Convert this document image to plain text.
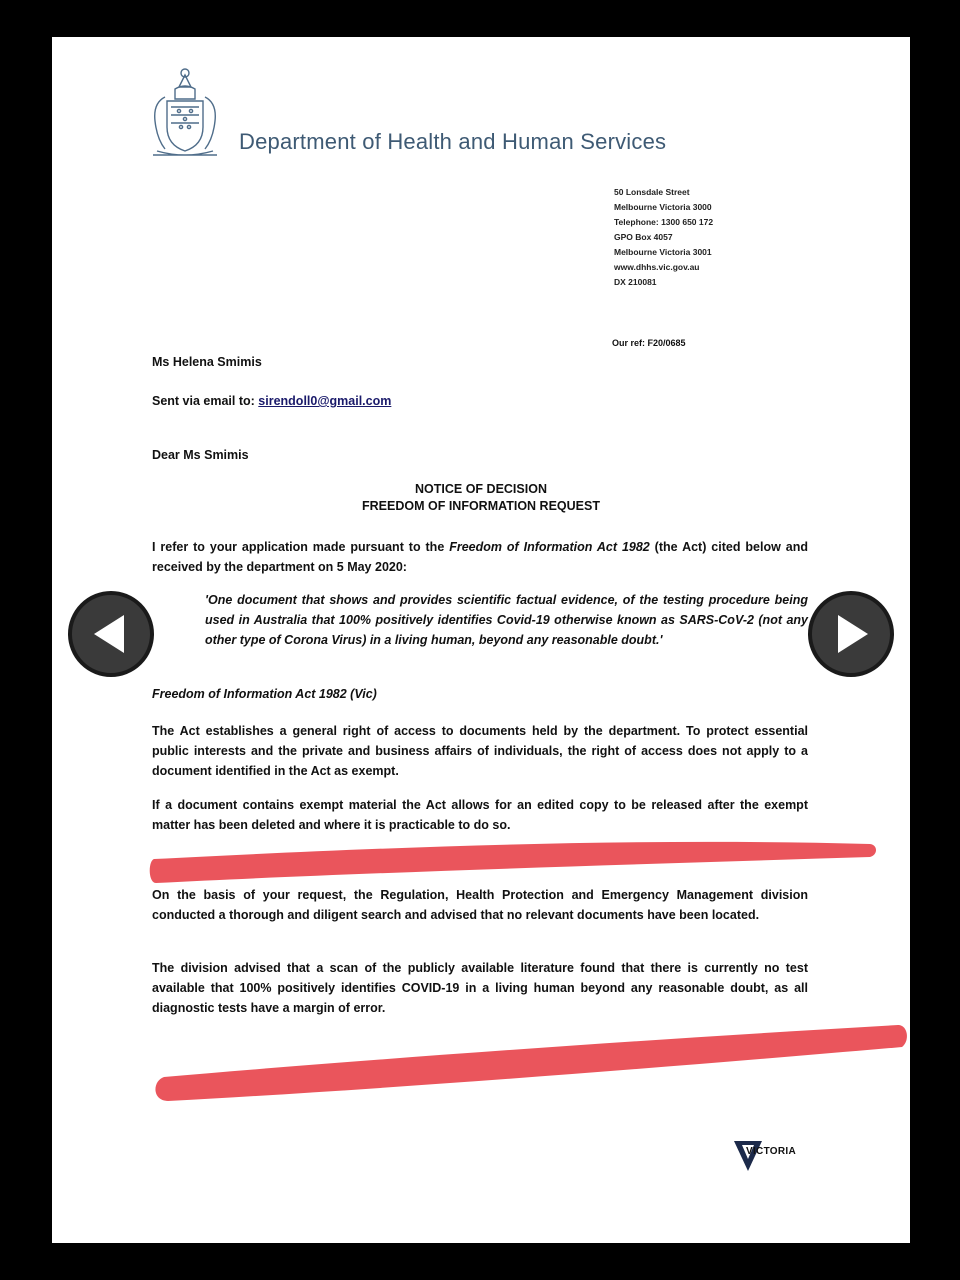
Department of Health and Human Services
50 Lonsdale Street
Melbourne Victoria 3000
Telephone: 1300 650 172
GPO Box 4057
Melbourne Victoria 3001
www.dhhs.vic.gov.au
DX 210081
Our ref: F20/0685
Ms Helena Smimis
Sent via email to: sirendoll0@gmail.com
Dear Ms Smimis
NOTICE OF DECISION
FREEDOM OF INFORMATION REQUEST
I refer to your application made pursuant to the Freedom of Information Act 1982 (the Act) cited below and received by the department on 5 May 2020:
'One document that shows and provides scientific factual evidence, of the testing procedure being used in Australia that 100% positively identifies Covid-19 otherwise known as SARS-CoV-2 (not any other type of Corona Virus) in a living human, beyond any reasonable doubt.'
Freedom of Information Act 1982 (Vic)
The Act establishes a general right of access to documents held by the department. To protect essential public interests and the private and business affairs of individuals, the right of access does not apply to a document identified in the Act as exempt.
If a document contains exempt material the Act allows for an edited copy to be released after the exempt matter has been deleted and where it is practicable to do so.
On the basis of your request, the Regulation, Health Protection and Emergency Management division conducted a thorough and diligent search and advised that no relevant documents have been located.
The division advised that a scan of the publicly available literature found that there is currently no test available that 100% positively identifies COVID-19 in a living human beyond any reasonable doubt, as all diagnostic tests have a margin of error.
VICTORIA
